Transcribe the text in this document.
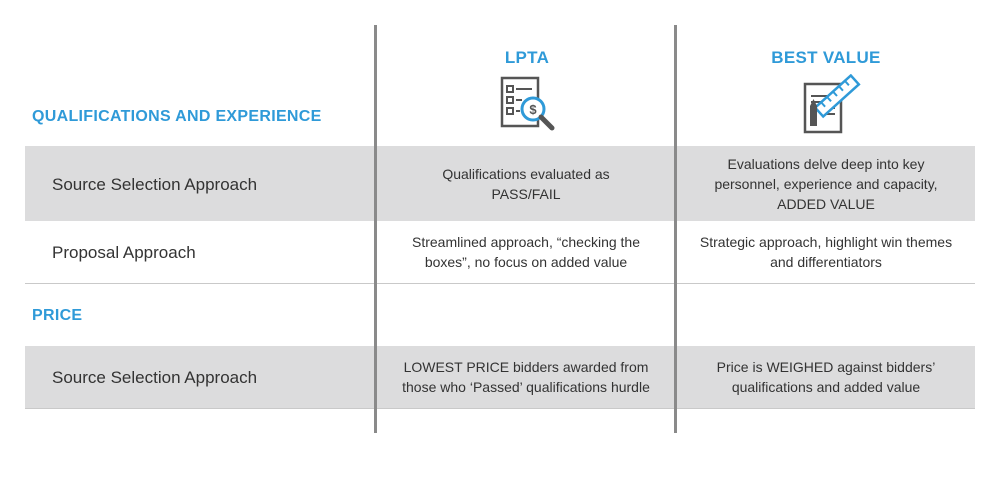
LPTA
$
BEST VALUE
QUALIFICATIONS AND EXPERIENCE
Source Selection Approach
Qualifications evaluated as PASS/FAIL
Evaluations delve deep into key personnel, experience and capacity, ADDED VALUE
Proposal Approach
Streamlined approach, “checking the boxes”, no focus on added value
Strategic approach, highlight win themes and differentiators
PRICE
Source Selection Approach
LOWEST PRICE bidders awarded from those who ‘Passed’ qualifications hurdle
Price is WEIGHED against bidders’ qualifications and added value
